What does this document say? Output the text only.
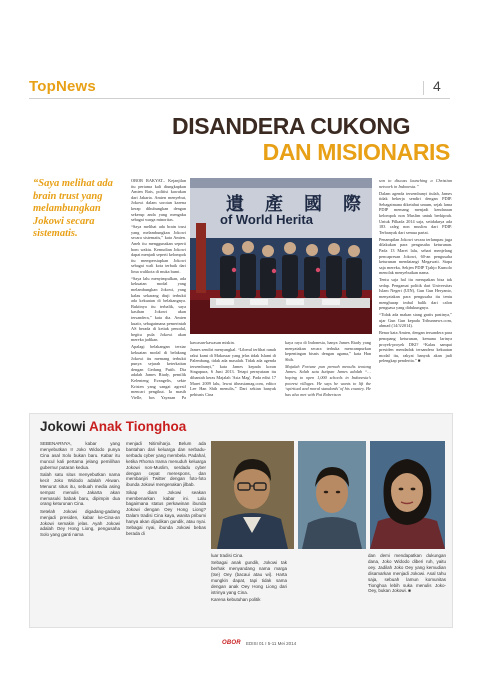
TopNews	4
DISANDERA CUKONG
DAN MISIONARIS
“Saya melihat ada brain trust yang melambungkan Jokowi secara sistematis.

OBOR RAKYAT– Kejanjilan itu pertama kali diungkapkan Amien Rais, politisi kawakan dari Jakarta. Amien menyebut, Jokowi dalam sorotan karena kerap dihubungkan dengan sekerup anda yang mengaku sebagai warga minoritas.

“Saya melihat ada brain trust yang melambungkan Jokowi secara sistematis,” kata Amien. Aneh itu menggunakan seperti bom waktu. Kemudian Jokowi dapat menjadi seperti kelompok itu mempersiapkan Jokowi sebagai wali kota terbaik dari lima walikota di muka bumi.

“Saya lalu menyimpulkan, ada kekuatan modal yang melambungkan Jokowi, yang kalau sekarang diuji terbukti ada kekuatan di belakangnya. Buktinya itu terbalik, saya kasihan Jokowi akan tersandera,” kata dia. Amien kuatir, sebagaimana pemerintah AS berada di ketiak penodal, begitu pula Jokowi akan mereka jadikan.

Apalagi belakangan tersiar kekuatan modal di belakang Jokowi itu memang terbukti punya sejarah keterkaitan dengan Gedung Putih. Dia adalah James Riady, pemilik Kelenteng Evangelis, sekte Kristen yang sangat agresif mencari pengikut. Ia masih Vielle, bos Yayasan Pa

遺 產 國 際
of World Herita

kawasan-kawasan miskin.

James sendiri menyangkal. “Liberal terlihat ranah raksi kami di Makassar yang jelas tidak Islami di Palembang, tidak ada masalah. Tidak ada agenda tersembunyi,” kata James kepada koran Singapura, 6 Juni 2013. Tetapi pernyataan itu dibantah keras Majalah 'Asia Mag'. Pada edisi 17 Maret 2009 lalu, lewat itheasiamag.com, editor Lee Han Shih menulis,” Dari sekian banyak pebisnis Cina

kaya raya di Indonesia, hanya James Riady yang menyatakan secara terbuka mencampurkan kepentingan bisnis dengan agama,” kata Han Shih.

Majalah Fortune pun pernah menulis tentang James. Salah satu kutipan James adalah “…hoping to open 1,000 schools in Indonesia’s poorest villages. He says he wants to lift the ‘spiritual and moral standards’ of his country. He has also met with Pat Robertson

son to discuss launching a Christian network in Indonesia.”

Dalam agenda tersembunyi itulah, James tidak bekerja sendiri dengan PDIP. Sebagaimana diketahui umum, sejak lama PDIP memang menjadi kendaraan kelompok non Muslim untuk berkiprah. Untuk Pilkada 2014 saja, setidaknya ada 183 caleg non muslim dari PDIP. Terbanyak dari semua partai.

Penampilan Jokowi secara terlampau juga dilakukan para pengusaha keturunan. Pada 13 Maret lalu, sehari menjelang pencapresan Jokowi, 60-an pengusaha keturunan mendatangi Megawati. Siapa saja mereka, Sekjen PDIP Tjahjo Kumolo menolak menyebutkan nama.

Tentu saja hal itu merupakan bisa tak sedap. Pengamat politik dari Universitas Islam Negeri (UIN), Gun Gun Heryanto, menyatakan para pengusaha itu tentu menghurap imbal balik dari calon penguasa yang didukungnya.

“Tidak ada makan siang gratis pastinya,” ujar Gun Gun kepada Tribunnews.com, ahmad (14/3/2014).

Benar kata Amien, dengan tersandera para penopang keturunan, kemana larinya proyek-proyek DKI? “Kalau sampai presiden mendadak tersandera kekuatan modal itu, rakyat banyak akan jadi pelengkap penderita.” ■

Jokowi Anak Tionghoa

SEBENARNYA, kabar yang menyebutkan Ir Joko Widodo punya Cina asal Solo bukan baru. Kabar itu muncul kali pertama jelang pemilihan gubernur putaran kedua.

Salah satu situs menyebutkan nama keciI Joko Widodo adalah Akwan. Menurut situs itu, sebuah media asing sempat menulis Jakarta akan memasuki babak baru, dipimpin dua orang keturunan Cina.

Setelah Jokowi digadang-gadang menjadi presiden, kabar ke-Cina-an Jokowi semakin jelas. Ayah Jokowi adalah Oey Hong Liong, pengusaha Solo yang ganti nama

menjadi Nitimiharjo. Belum ada bantahan dari keluarga dan serbadu-serbadu cyber yang membela. Padahal, ketika Rhoma Irama menuduh keluarga Jokowi non-Muslim, serdadu cyber dengan cepat merespons, dan membanjiri Twitter dengan foto-foto ibunda Jokowi mengenakan jilbab.

Sikap diam Jokowi seakan membenarkan kabar ini. Lalu bagaimana status perkawinan ibunda Jokowi dengan Oey Hong Liong? Dalam tradisi Cina kaya, wanita pribumi hanya akan dijadikan gundik, atau nyai. Sebagai nyai, ibunda Jokowi bebas berada di

luar tradisi Cina.

Sebagai anak gundik, Jokowi tak berhak menyandang nama marga (tse) Oey (bacaui atau wi). Harta mungkin dapat, tapi tidak sama dengan anak Oey Hong Liong dari istrinya yang Cina.

Karena kebutuhan politik

dan demi mendapatkan dukungan dana, Joko Widodo diberi ruh, yaitu oey. Jadilah Joko Oey yang kemudian disamarkan menjadi Jokowi. Asal tahu saja, sebuah lamun komunitas Tionghoa lebih suka menulis Joko-Oey, bukan Jokowi. ■

OBOR EDISI 01 I 5-11 Mei 2014
